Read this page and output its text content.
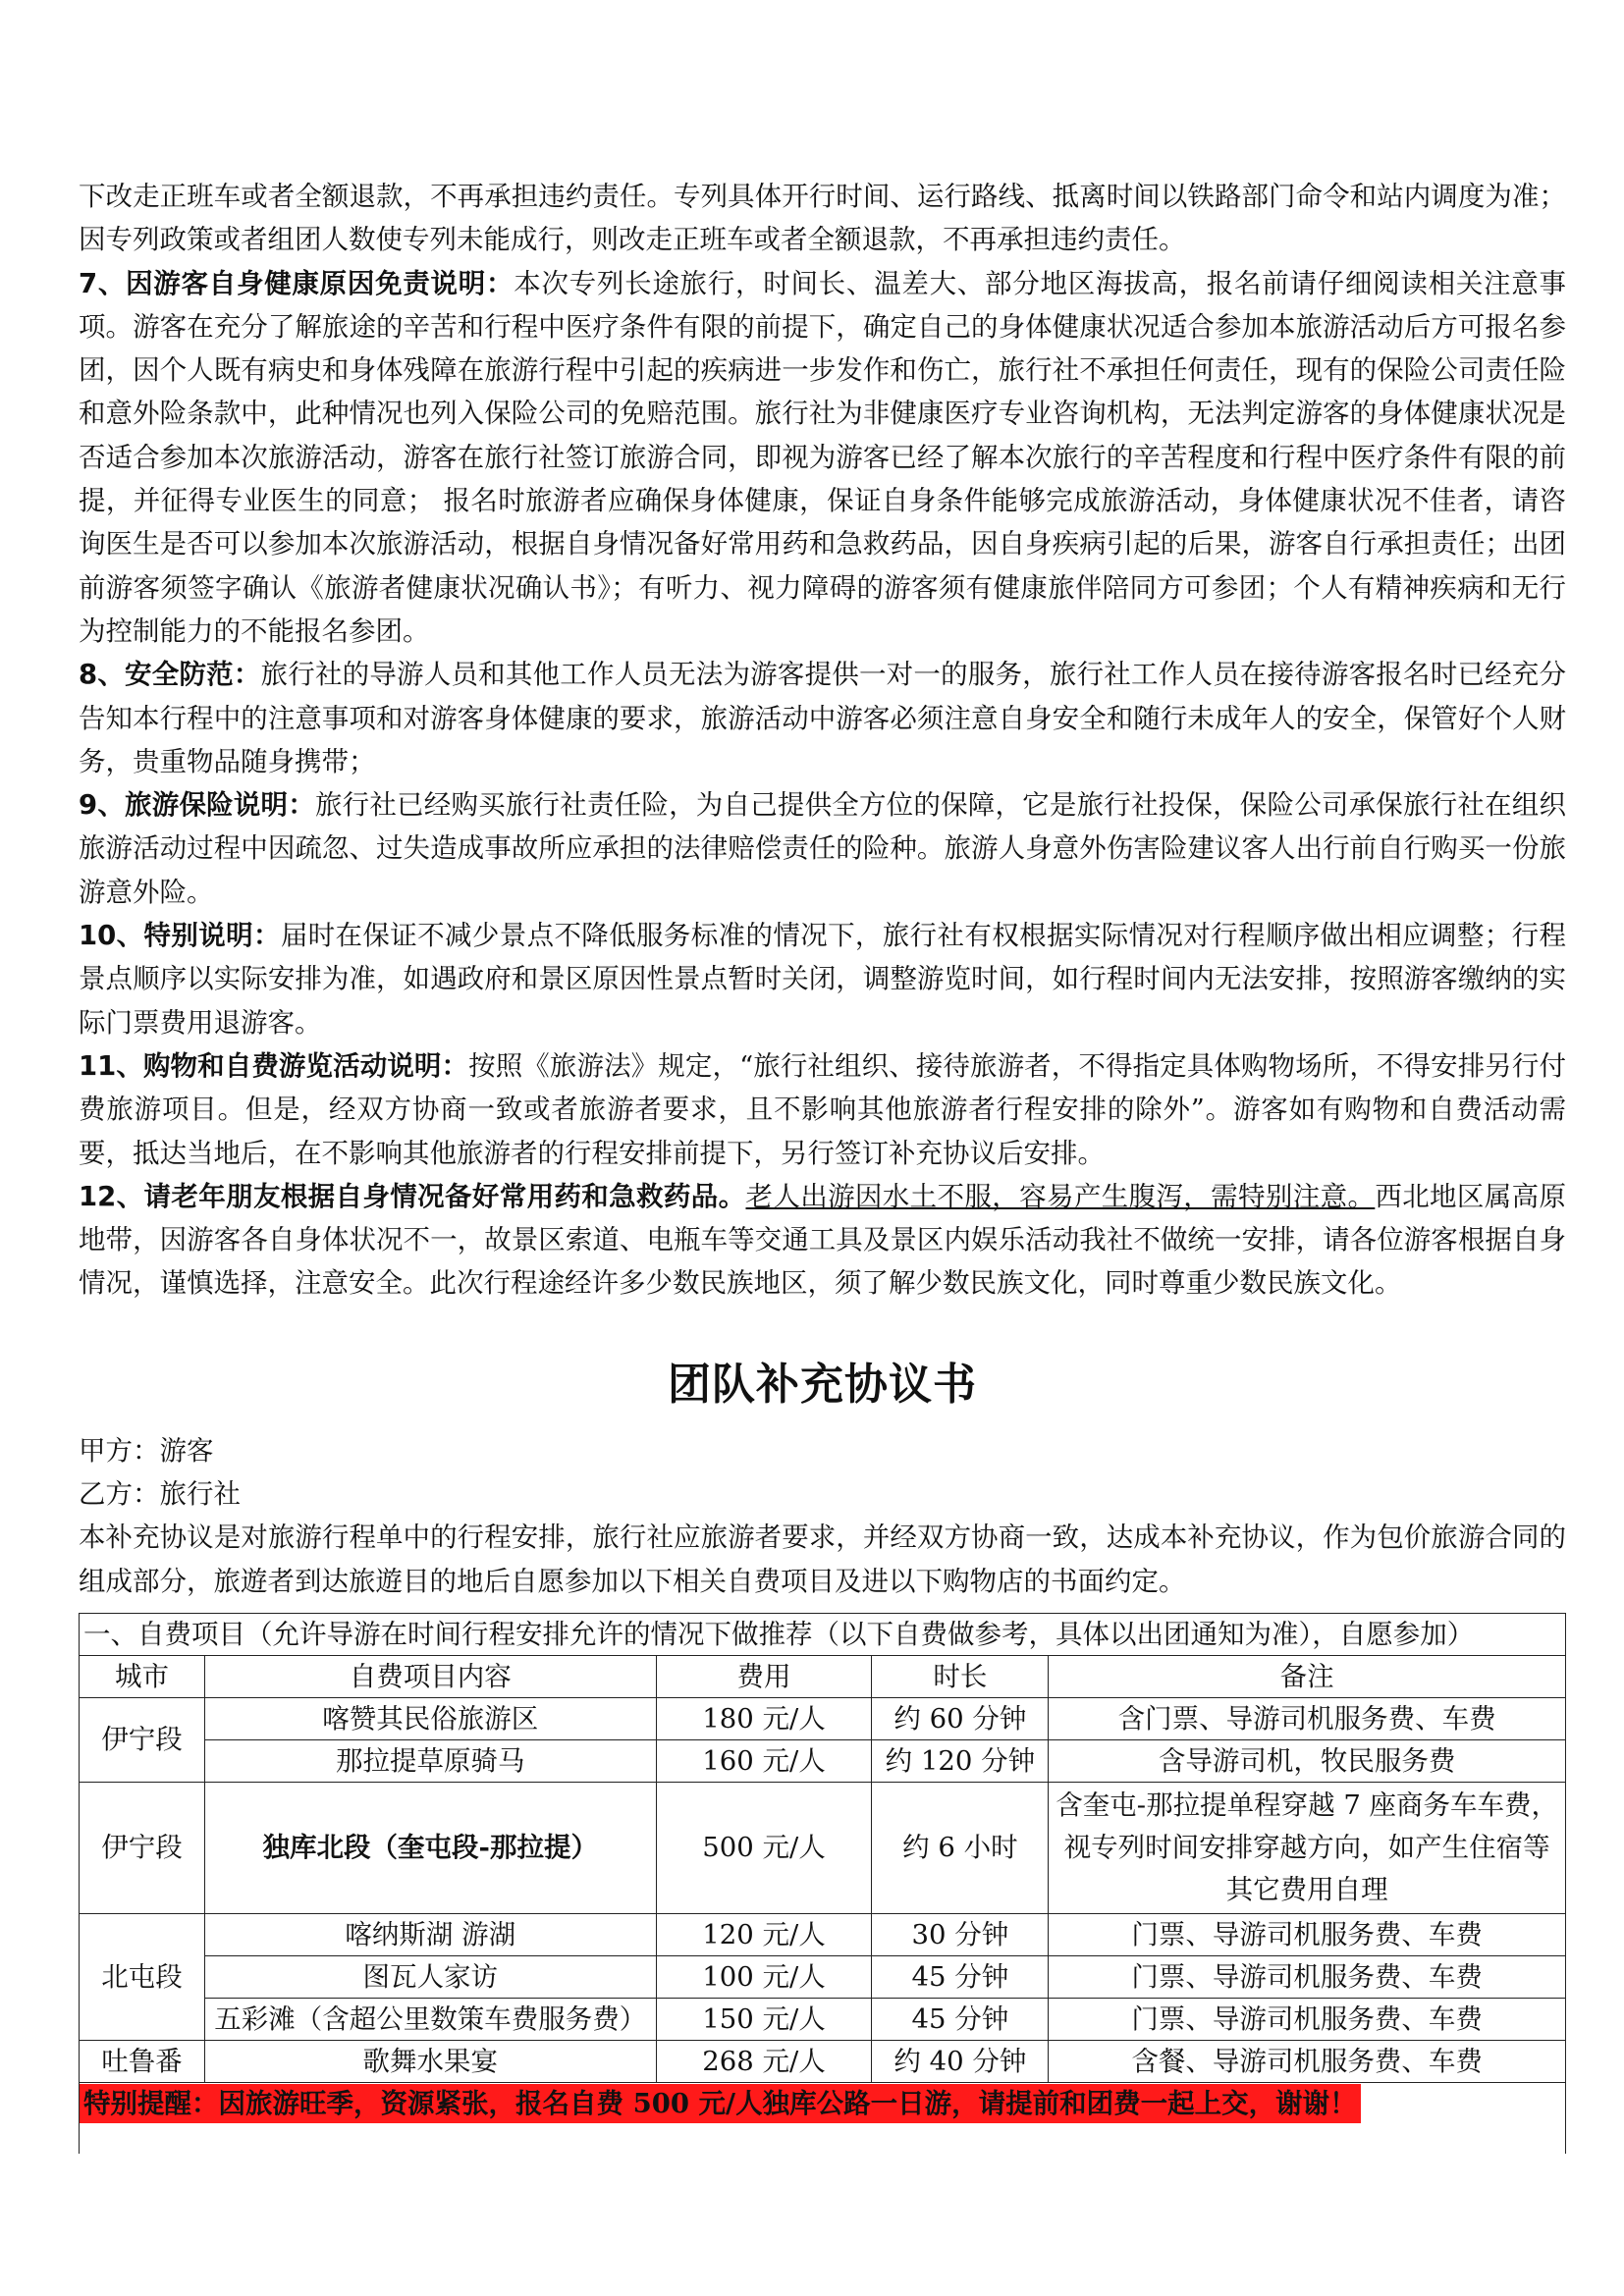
下改走正班车或者全额退款，不再承担违约责任。专列具体开行时间、运行路线、抵离时间以铁路部门命令和站内调度为准； 因专列政策或者组团人数使专列未能成行，则改走正班车或者全额退款，不再承担违约责任。

7、因游客自身健康原因免责说明：本次专列长途旅行，时间长、温差大、部分地区海拔高，报名前请仔细阅读相关注意事项。游客在充分了解旅途的辛苦和行程中医疗条件有限的前提下，确定自己的身体健康状况适合参加本旅游活动后方可报名参团，因个人既有病史和身体残障在旅游行程中引起的疾病进一步发作和伤亡，旅行社不承担任何责任，现有的保险公司责任险和意外险条款中，此种情况也列入保险公司的免赔范围。旅行社为非健康医疗专业咨询机构，无法判定游客的身体健康状况是否适合参加本次旅游活动，游客在旅行社签订旅游合同，即视为游客已经了解本次旅行的辛苦程度和行程中医疗条件有限的前提，并征得专业医生的同意； 报名时旅游者应确保身体健康，保证自身条件能够完成旅游活动，身体健康状况不佳者，请咨询医生是否可以参加本次旅游活动，根据自身情况备好常用药和急救药品，因自身疾病引起的后果，游客自行承担责任；出团前游客须签字确认《旅游者健康状况确认书》；有听力、视力障碍的游客须有健康旅伴陪同方可参团；个人有精神疾病和无行为控制能力的不能报名参团。

8、安全防范：旅行社的导游人员和其他工作人员无法为游客提供一对一的服务，旅行社工作人员在接待游客报名时已经充分告知本行程中的注意事项和对游客身体健康的要求，旅游活动中游客必须注意自身安全和随行未成年人的安全，保管好个人财务，贵重物品随身携带；

9、旅游保险说明：旅行社已经购买旅行社责任险，为自己提供全方位的保障，它是旅行社投保，保险公司承保旅行社在组织旅游活动过程中因疏忽、过失造成事故所应承担的法律赔偿责任的险种。旅游人身意外伤害险建议客人出行前自行购买一份旅游意外险。

10、特别说明：届时在保证不减少景点不降低服务标准的情况下，旅行社有权根据实际情况对行程顺序做出相应调整；行程景点顺序以实际安排为准，如遇政府和景区原因性景点暂时关闭，调整游览时间，如行程时间内无法安排，按照游客缴纳的实际门票费用退游客。

11、购物和自费游览活动说明：按照《旅游法》规定，“旅行社组织、接待旅游者，不得指定具体购物场所，不得安排另行付费旅游项目。但是，经双方协商一致或者旅游者要求，且不影响其他旅游者行程安排的除外”。游客如有购物和自费活动需要，抵达当地后，在不影响其他旅游者的行程安排前提下，另行签订补充协议后安排。

12、请老年朋友根据自身情况备好常用药和急救药品。老人出游因水土不服，容易产生腹泻，需特别注意。西北地区属高原地带，因游客各自身体状况不一，故景区索道、电瓶车等交通工具及景区内娱乐活动我社不做统一安排，请各位游客根据自身情况，谨慎选择，注意安全。此次行程途经许多少数民族地区，须了解少数民族文化，同时尊重少数民族文化。

团队补充协议书

甲方：游客

乙方：旅行社

本补充协议是对旅游行程单中的行程安排，旅行社应旅游者要求，并经双方协商一致，达成本补充协议，作为包价旅游合同的组成部分，旅遊者到达旅遊目的地后自愿参加以下相关自费项目及进以下购物店的书面约定。

一、自费项目（允许导游在时间行程安排允许的情况下做推荐（以下自费做参考，具体以出团通知为准），自愿参加）				
城市	自费项目内容	费用	时长	备注
伊宁段	喀赞其民俗旅游区	180 元/人	约 60 分钟	含门票、导游司机服务费、车费
	那拉提草原骑马	160 元/人	约 120 分钟	含导游司机，牧民服务费
伊宁段	独库北段（奎屯段-那拉提）	500 元/人	约 6 小时	含奎屯-那拉提单程穿越 7 座商务车车费，视专列时间安排穿越方向，如产生住宿等其它费用自理
北屯段	喀纳斯湖 游湖	120 元/人	30 分钟	门票、导游司机服务费、车费
	图瓦人家访	100 元/人	45 分钟	门票、导游司机服务费、车费
	五彩滩（含超公里数策车费服务费）	150 元/人	45 分钟	门票、导游司机服务费、车费
吐鲁番	歌舞水果宴	268 元/人	约 40 分钟	含餐、导游司机服务费、车费
特别提醒：因旅游旺季，资源紧张，报名自费 500 元/人独库公路一日游，请提前和团费一起上交，谢谢！				
